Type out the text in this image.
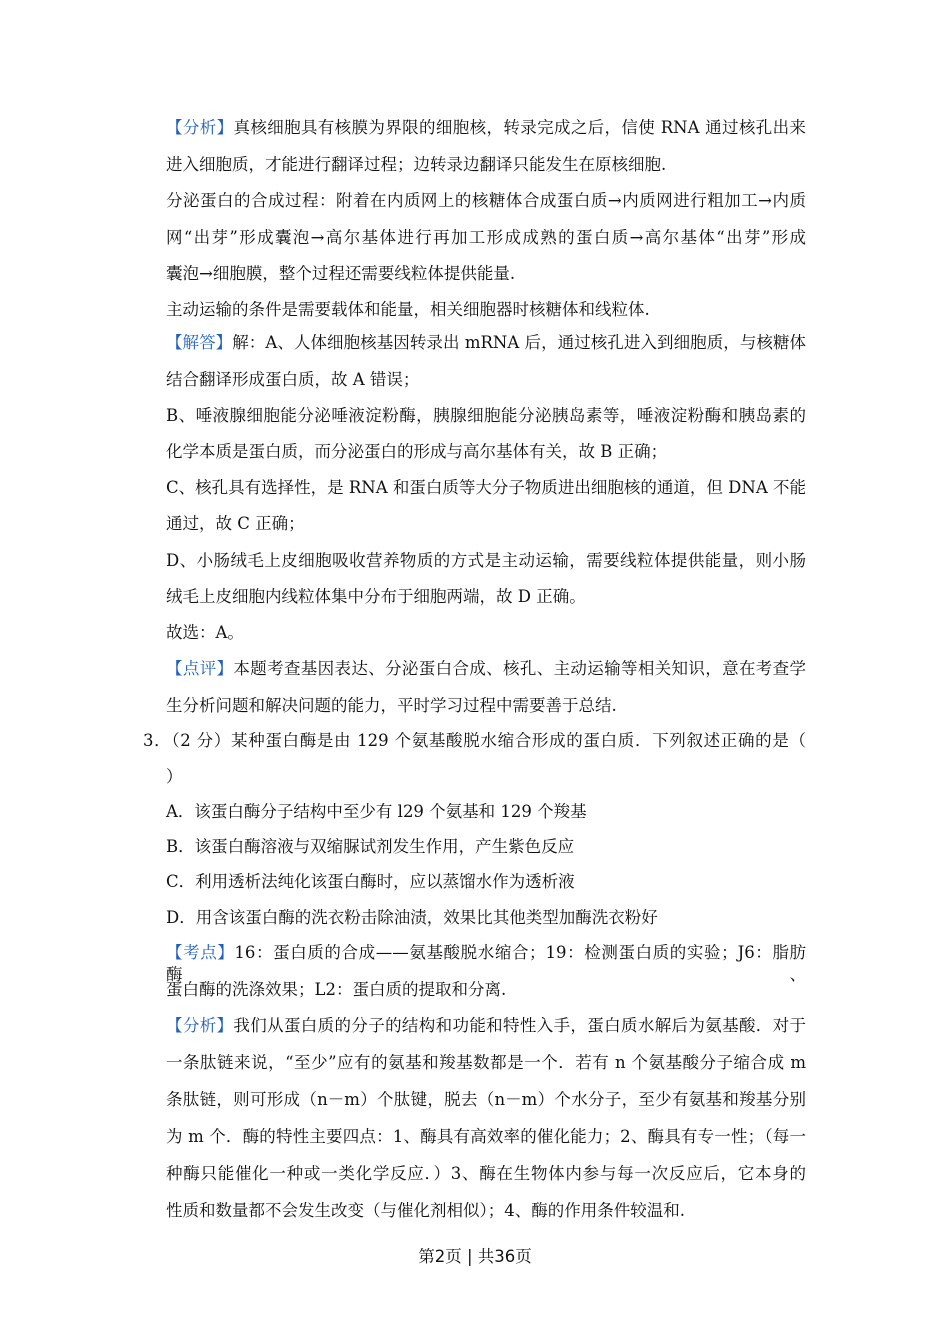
【分析】真核细胞具有核膜为界限的细胞核，转录完成之后，信使 RNA 通过核孔出来
进入细胞质，才能进行翻译过程；边转录边翻译只能发生在原核细胞.
分泌蛋白的合成过程：附着在内质网上的核糖体合成蛋白质→内质网进行粗加工→内质
网“出芽”形成囊泡→高尔基体进行再加工形成成熟的蛋白质→高尔基体“出芽”形成
囊泡→细胞膜，整个过程还需要线粒体提供能量.
主动运输的条件是需要载体和能量，相关细胞器时核糖体和线粒体.
【解答】解：A、人体细胞核基因转录出 mRNA 后，通过核孔进入到细胞质，与核糖体
结合翻译形成蛋白质，故 A 错误；
B、唾液腺细胞能分泌唾液淀粉酶，胰腺细胞能分泌胰岛素等，唾液淀粉酶和胰岛素的
化学本质是蛋白质，而分泌蛋白的形成与高尔基体有关，故 B 正确；
C、核孔具有选择性，是 RNA 和蛋白质等大分子物质进出细胞核的通道，但 DNA 不能
通过，故 C 正确；
D、小肠绒毛上皮细胞吸收营养物质的方式是主动运输，需要线粒体提供能量，则小肠
绒毛上皮细胞内线粒体集中分布于细胞两端，故 D 正确。
故选：A。
【点评】本题考查基因表达、分泌蛋白合成、核孔、主动运输等相关知识，意在考查学
生分析问题和解决问题的能力，平时学习过程中需要善于总结.
3．（2 分）某种蛋白酶是由 129 个氨基酸脱水缩合形成的蛋白质．下列叙述正确的是（
）
A．该蛋白酶分子结构中至少有 l29 个氨基和 129 个羧基
B．该蛋白酶溶液与双缩脲试剂发生作用，产生紫色反应
C．利用透析法纯化该蛋白酶时，应以蒸馏水作为透析液
D．用含该蛋白酶的洗衣粉击除油渍，效果比其他类型加酶洗衣粉好
【考点】16：蛋白质的合成——氨基酸脱水缩合；19：检测蛋白质的实验；J6：脂肪酶、
蛋白酶的洗涤效果；L2：蛋白质的提取和分离.
【分析】我们从蛋白质的分子的结构和功能和特性入手，蛋白质水解后为氨基酸．对于
一条肽链来说，“至少”应有的氨基和羧基数都是一个．若有 n 个氨基酸分子缩合成 m
条肽链，则可形成（n－m）个肽键，脱去（n－m）个水分子，至少有氨基和羧基分别
为 m 个．酶的特性主要四点：1、酶具有高效率的催化能力；2、酶具有专一性；（每一
种酶只能催化一种或一类化学反应．）3、酶在生物体内参与每一次反应后，它本身的
性质和数量都不会发生改变（与催化剂相似）；4、酶的作用条件较温和.
第2页 | 共36页
